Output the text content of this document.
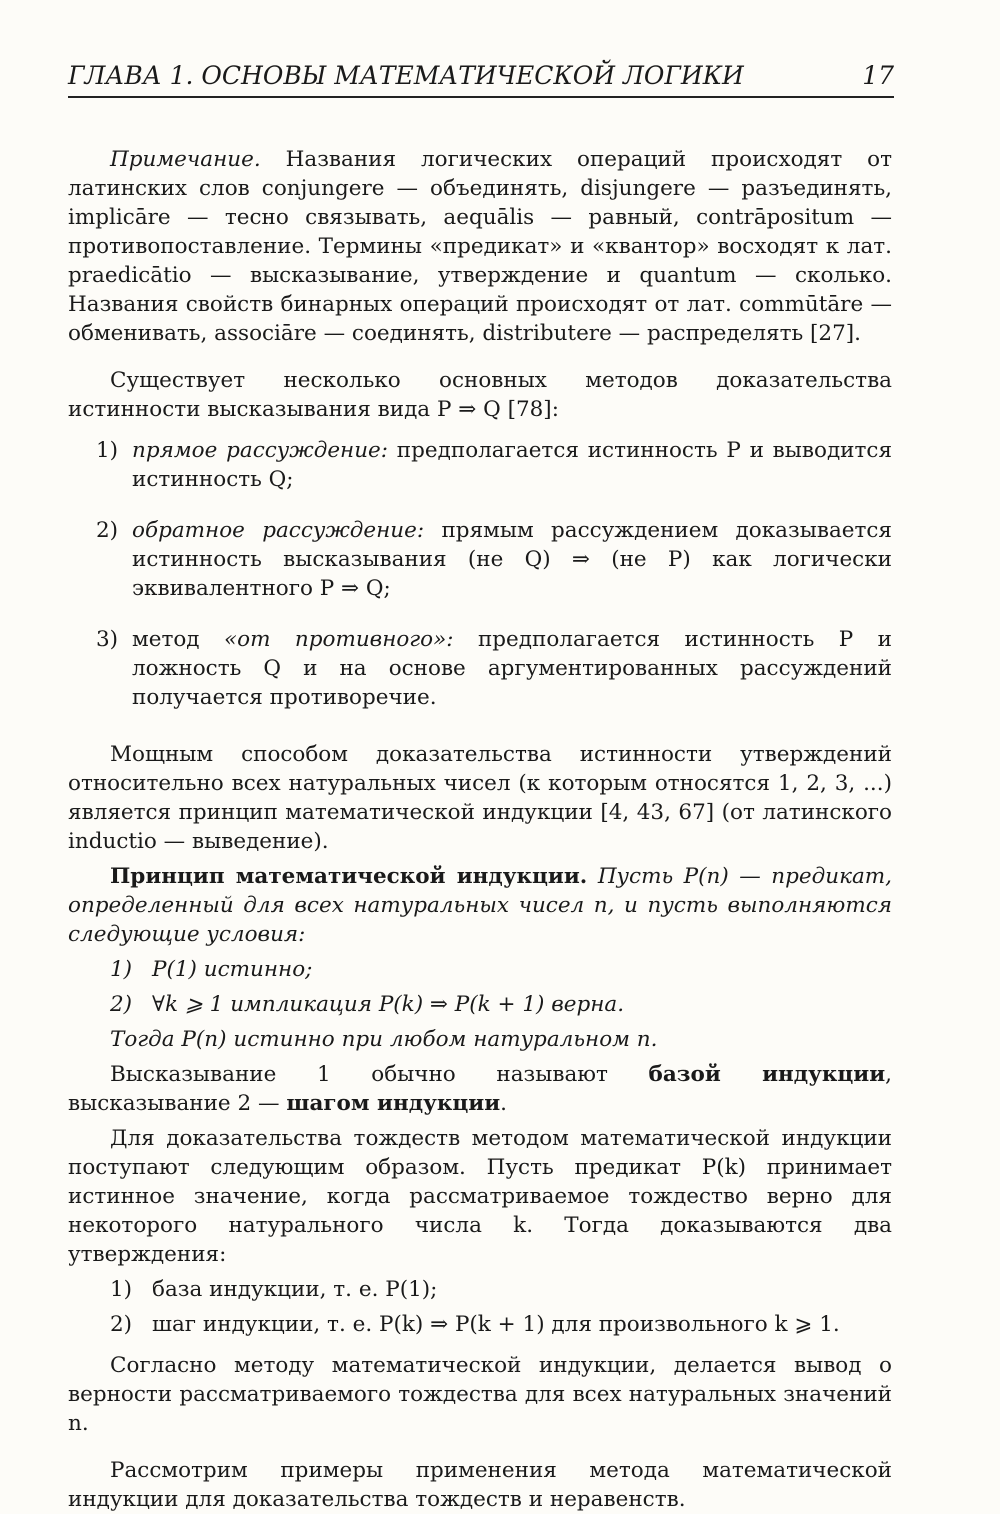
ГЛАВА 1. ОСНОВЫ МАТЕМАТИЧЕСКОЙ ЛОГИКИ	17

Примечание. Названия логических операций происходят от латинских слов conjungere — объединять, disjungere — разъединять, implicāre — тесно связывать, aequālis — равный, contrāpositum — противопоставление. Термины «предикат» и «квантор» восходят к лат. praedicātio — высказывание, утверждение и quantum — сколько. Названия свойств бинарных операций происходят от лат. commūtāre — обменивать, associāre — соединять, distributere — распределять [27].

Существует несколько основных методов доказательства истинности высказывания вида P ⇒ Q [78]:

1) прямое рассуждение: предполагается истинность P и выводится истинность Q;
2) обратное рассуждение: прямым рассуждением доказывается истинность высказывания (не Q) ⇒ (не P) как логически эквивалентного P ⇒ Q;
3) метод «от противного»: предполагается истинность P и ложность Q и на основе аргументированных рассуждений получается противоречие.

Мощным способом доказательства истинности утверждений относительно всех натуральных чисел (к которым относятся 1, 2, 3, ...) является принцип математической индукции [4, 43, 67] (от латинского inductio — выведение).

Принцип математической индукции. Пусть P(n) — предикат, определенный для всех натуральных чисел n, и пусть выполняются следующие условия:

1) P(1) истинно;
2) ∀k ⩾ 1 импликация P(k) ⇒ P(k + 1) верна.

Тогда P(n) истинно при любом натуральном n.

Высказывание 1 обычно называют базой индукции, высказывание 2 — шагом индукции.

Для доказательства тождеств методом математической индукции поступают следующим образом. Пусть предикат P(k) принимает истинное значение, когда рассматриваемое тождество верно для некоторого натурального числа k. Тогда доказываются два утверждения:

1) база индукции, т. е. P(1);
2) шаг индукции, т. е. P(k) ⇒ P(k + 1) для произвольного k ⩾ 1.

Согласно методу математической индукции, делается вывод о верности рассматриваемого тождества для всех натуральных значений n.

Рассмотрим примеры применения метода математической индукции для доказательства тождеств и неравенств.
